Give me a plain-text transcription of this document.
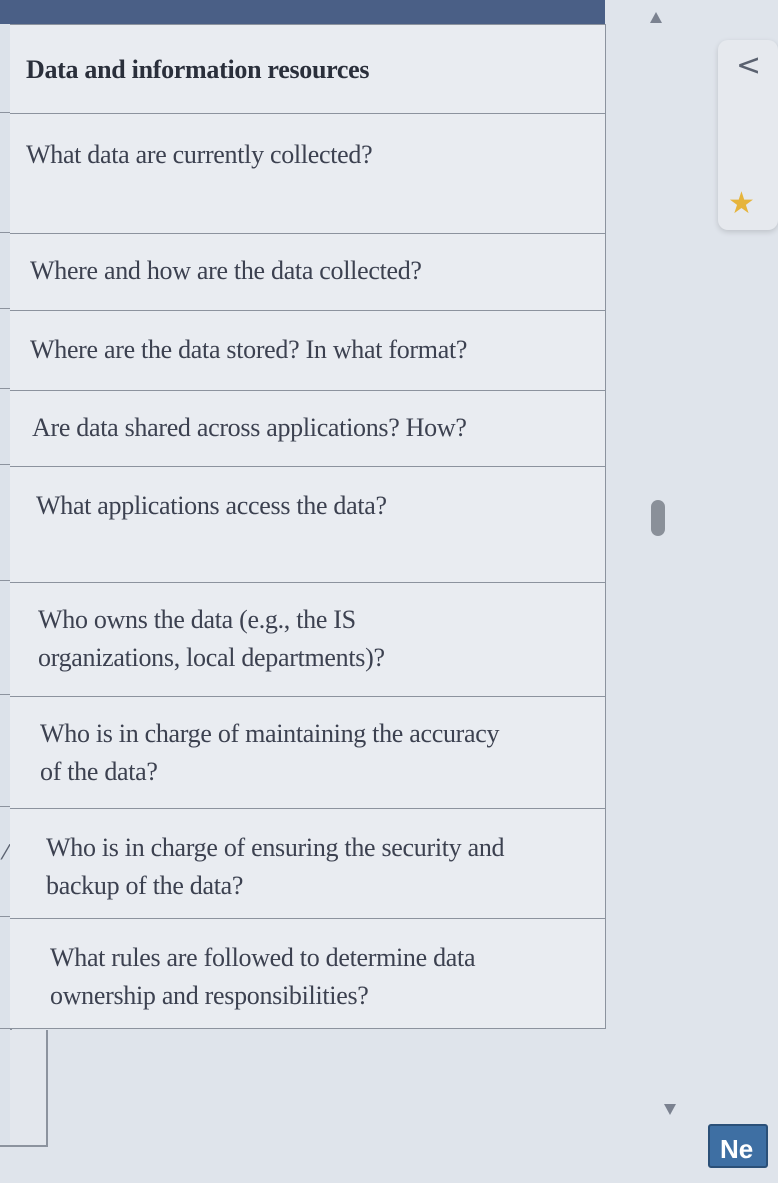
⁄
Data and information resources
What data are currently collected?
Where and how are the data collected?
Where are the data stored? In what format?
Are data shared across applications? How?
What applications access the data?
Who owns the data (e.g., the IS organizations, local departments)?
Who is in charge of maintaining the accuracy of the data?
Who is in charge of ensuring the security and backup of the data?
What rules are followed to determine data ownership and responsibilities?
<
★
Ne
